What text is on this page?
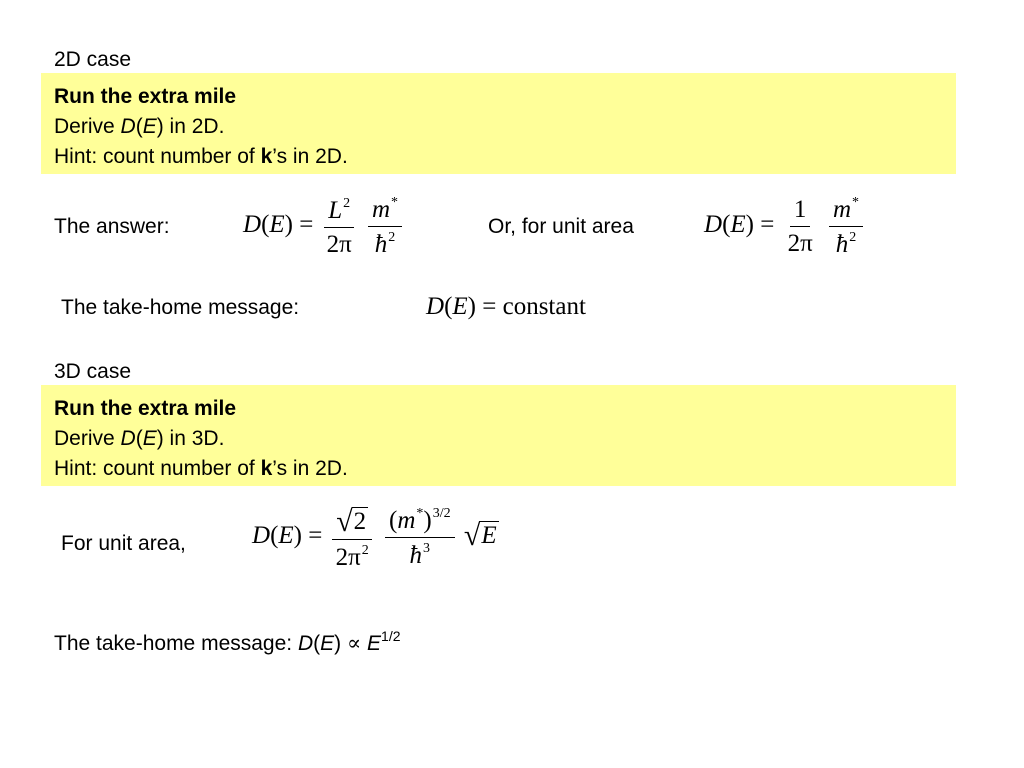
2D case
Run the extra mile
Derive D(E) in 2D.
Hint: count number of k’s in 2D.
The answer:	$D(E) = \frac{L^2}{2\pi}$
$\frac{m^*}{ħ^2}$	Or, for unit area	$D(E) = \frac{1}{2\pi}$
$\frac{m^*}{ħ^2}$
The take-home message:	D(E) = constant
3D case
Run the extra mile
Derive D(E) in 3D.
Hint: count number of k’s in 2D.
For unit area,	$D(E) = \frac{√2}{2\pi^2}$
$\frac{(m^*)^{3/2}}{ħ^3} √E$
The take-home message: $D(E) \propto E^{1/2}$
